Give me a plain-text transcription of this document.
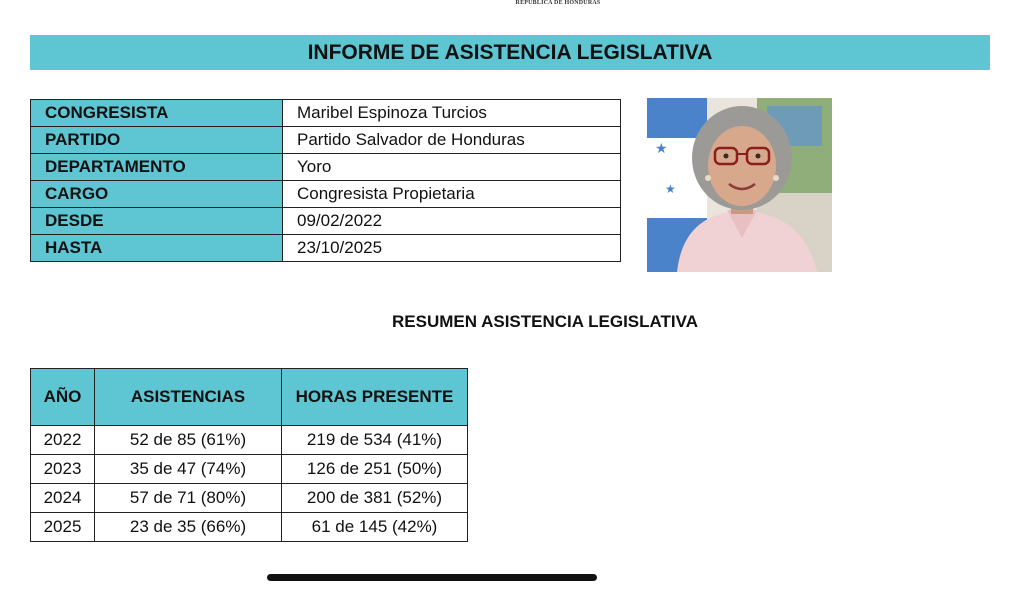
REPÚBLICA DE HONDURAS
INFORME DE ASISTENCIA LEGISLATIVA
CONGRESISTA	Maribel Espinoza Turcios
PARTIDO	Partido Salvador de Honduras
DEPARTAMENTO	Yoro
CARGO	Congresista Propietaria
DESDE	09/02/2022
HASTA	23/10/2025
★
★
RESUMEN ASISTENCIA LEGISLATIVA
AÑO	ASISTENCIAS	HORAS PRESENTE
2022	52 de 85 (61%)	219 de 534 (41%)
2023	35 de 47 (74%)	126 de 251 (50%)
2024	57 de 71 (80%)	200 de 381 (52%)
2025	23 de 35 (66%)	61 de 145 (42%)
